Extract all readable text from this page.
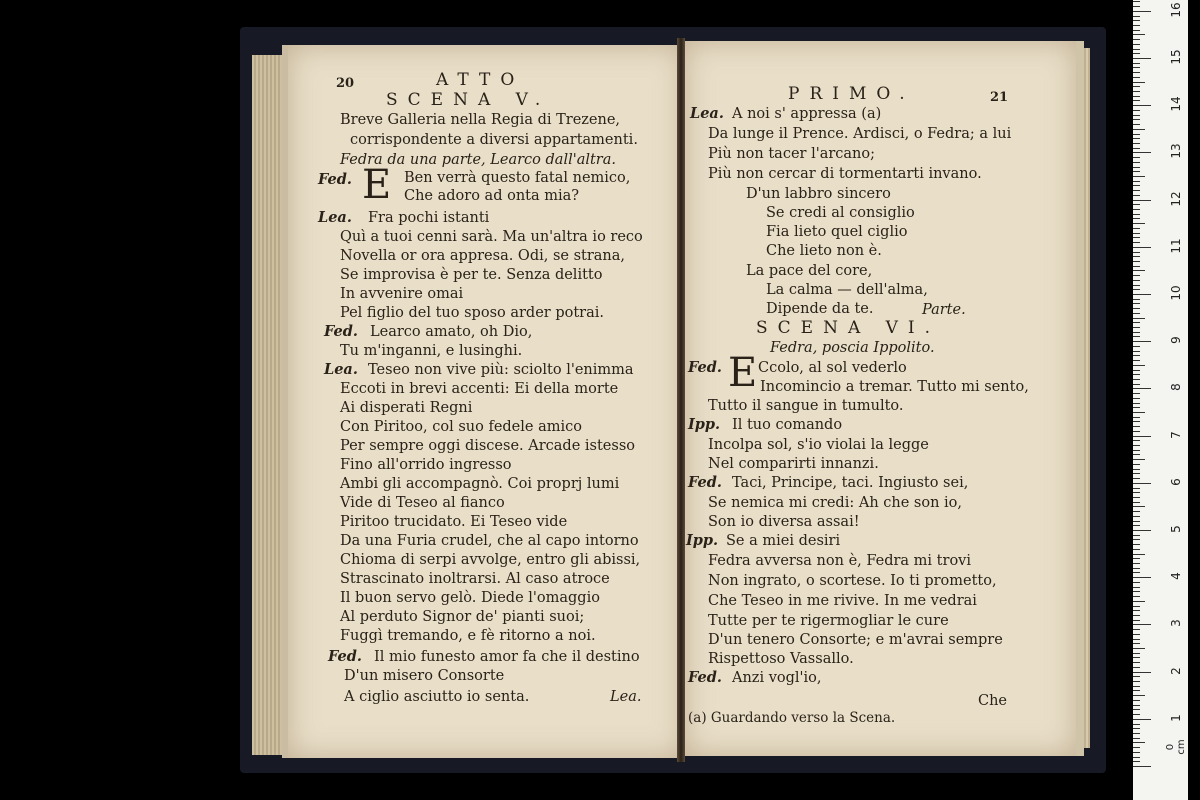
20	ATTO
SCENA V.
Breve Galleria nella Regia di Trezene,
corrispondente a diversi appartamenti.
Fedra da una parte, Learco dall'altra.
Fed. E Ben verrà questo fatal nemico,
Che adoro ad onta mia?
Lea. Fra pochi istanti
Quì a tuoi cenni sarà. Ma un'altra io reco
Novella or ora appresa. Odi, se strana,
Se improvisa è per te. Senza delitto
In avvenire omai
Pel figlio del tuo sposo arder potrai.
Fed. Learco amato, oh Dio,
Tu m'inganni, e lusinghi.
Lea. Teseo non vive più: sciolto l'enimma
Eccoti in brevi accenti: Ei della morte
Ai disperati Regni
Con Piritoo, col suo fedele amico
Per sempre oggi discese. Arcade istesso
Fino all'orrido ingresso
Ambi gli accompagnò. Coi proprj lumi
Vide di Teseo al fianco
Piritoo trucidato. Ei Teseo vide
Da una Furia crudel, che al capo intorno
Chioma di serpi avvolge, entro gli abissi,
Strascinato inoltrarsi. Al caso atroce
Il buon servo gelò. Diede l'omaggio
Al perduto Signor de' pianti suoi;
Fuggì tremando, e fè ritorno a noi.
Fed. Il mio funesto amor fa che il destino
D'un misero Consorte
A ciglio asciutto io senta.	Lea.
PRIMO.	21
Lea. A noi s' appressa (a)
Da lunge il Prence. Ardisci, o Fedra; a lui
Più non tacer l'arcano;
Più non cercar di tormentarti invano.
D'un labbro sincero
Se credi al consiglio
Fia lieto quel ciglio
Che lieto non è.
La pace del core,
La calma — dell'alma,
Dipende da te.	Parte.
SCENA VI.
Fedra, poscia Ippolito.
Fed. E Ccolo, al sol vederlo
Incomincio a tremar. Tutto mi sento,
Tutto il sangue in tumulto.
Ipp. Il tuo comando
Incolpa sol, s'io violai la legge
Nel comparirti innanzi.
Fed. Taci, Principe, taci. Ingiusto sei,
Se nemica mi credi: Ah che son io,
Son io diversa assai!
Ipp. Se a miei desiri
Fedra avversa non è, Fedra mi trovi
Non ingrato, o scortese. Io ti prometto,
Che Teseo in me rivive. In me vedrai
Tutte per te rigermogliar le cure
D'un tenero Consorte; e m'avrai sempre
Rispettoso Vassallo.
Fed. Anzi vogl'io,
Che
(a) Guardando verso la Scena.
0 cm
16
15
14
13
12
11
10
9
8
7
6
5
4
3
2
1
